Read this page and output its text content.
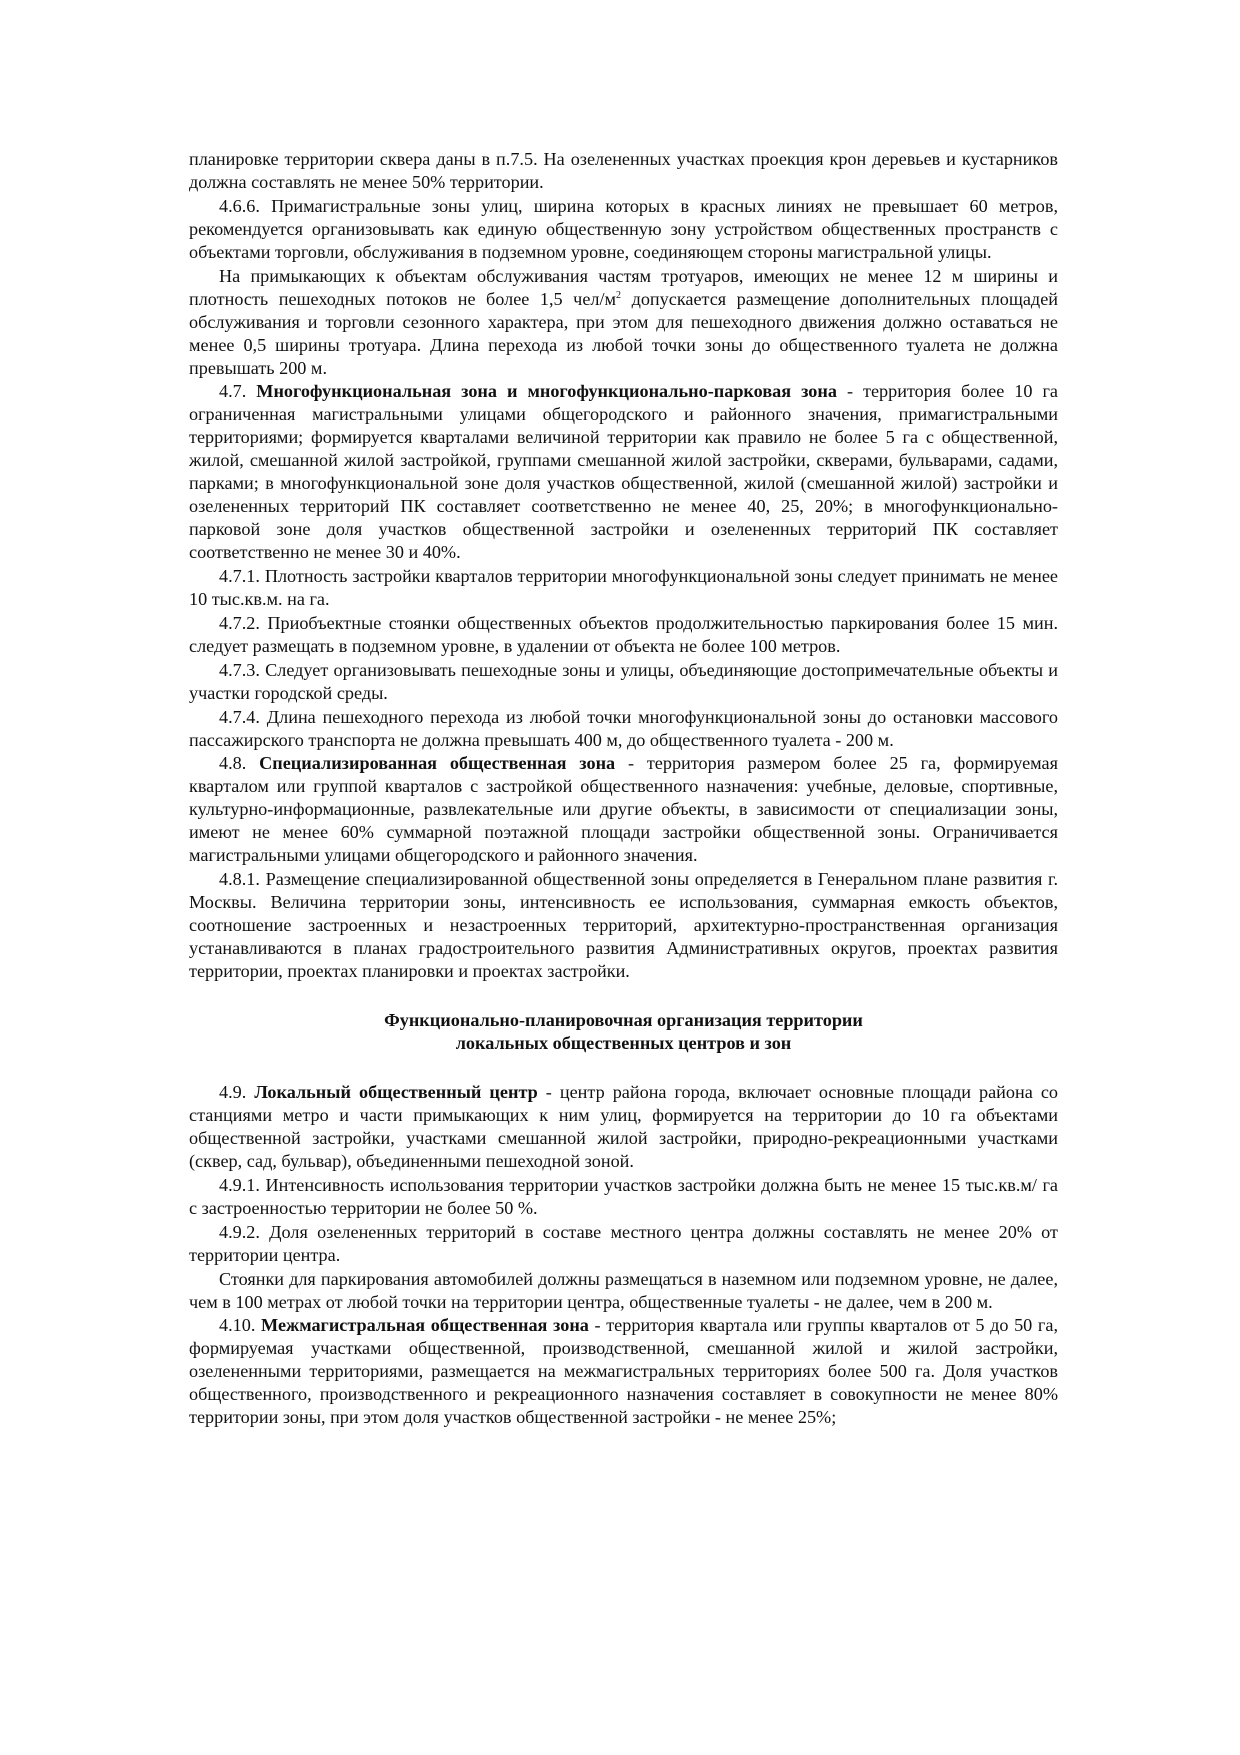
планировке территории сквера даны в п.7.5. На озелененных участках проекция крон деревьев и кустарников должна составлять не менее 50% территории.

4.6.6. Примагистральные зоны улиц, ширина которых в красных линиях не превышает 60 метров, рекомендуется организовывать как единую общественную зону устройством общественных пространств с объектами торговли, обслуживания в подземном уровне, соединяющем стороны магистральной улицы.

На примыкающих к объектам обслуживания частям тротуаров, имеющих не менее 12 м ширины и плотность пешеходных потоков не более 1,5 чел/$м^2$ допускается размещение дополнительных площадей обслуживания и торговли сезонного характера, при этом для пешеходного движения должно оставаться не менее 0,5 ширины тротуара. Длина перехода из любой точки зоны до общественного туалета не должна превышать 200 м.

4.7. Многофункциональная зона и многофункционально-парковая зона - территория более 10 га ограниченная магистральными улицами общегородского и районного значения, примагистральными территориями; формируется кварталами величиной территории как правило не более 5 га с общественной, жилой, смешанной жилой застройкой, группами смешанной жилой застройки, скверами, бульварами, садами, парками; в многофункциональной зоне доля участков общественной, жилой (смешанной жилой) застройки и озелененных территорий ПК составляет соответственно не менее 40, 25, 20%; в многофункционально-парковой зоне доля участков общественной застройки и озелененных территорий ПК составляет соответственно не менее 30 и 40%.

4.7.1. Плотность застройки кварталов территории многофункциональной зоны следует принимать не менее 10 тыс.кв.м. на га.

4.7.2. Приобъектные стоянки общественных объектов продолжительностью паркирования более 15 мин. следует размещать в подземном уровне, в удалении от объекта не более 100 метров.

4.7.3. Следует организовывать пешеходные зоны и улицы, объединяющие достопримечательные объекты и участки городской среды.

4.7.4. Длина пешеходного перехода из любой точки многофункциональной зоны до остановки массового пассажирского транспорта не должна превышать 400 м, до общественного туалета - 200 м.

4.8. Специализированная общественная зона - территория размером более 25 га, формируемая кварталом или группой кварталов с застройкой общественного назначения: учебные, деловые, спортивные, культурно-информационные, развлекательные или другие объекты, в зависимости от специализации зоны, имеют не менее 60% суммарной поэтажной площади застройки общественной зоны. Ограничивается магистральными улицами общегородского и районного значения.

4.8.1. Размещение специализированной общественной зоны определяется в Генеральном плане развития г. Москвы. Величина территории зоны, интенсивность ее использования, суммарная емкость объектов, соотношение застроенных и незастроенных территорий, архитектурно-пространственная организация устанавливаются в планах градостроительного развития Административных округов, проектах развития территории, проектах планировки и проектах застройки.

Функционально-планировочная организация территории
локальных общественных центров и зон

4.9. Локальный общественный центр - центр района города, включает основные площади района со станциями метро и части примыкающих к ним улиц, формируется на территории до 10 га объектами общественной застройки, участками смешанной жилой застройки, природно-рекреационными участками (сквер, сад, бульвар), объединенными пешеходной зоной.

4.9.1. Интенсивность использования территории участков застройки должна быть не менее 15 тыс.кв.м/ га с застроенностью территории не более 50 %.

4.9.2. Доля озелененных территорий в составе местного центра должны составлять не менее 20% от территории центра.

Стоянки для паркирования автомобилей должны размещаться в наземном или подземном уровне, не далее, чем в 100 метрах от любой точки на территории центра, общественные туалеты - не далее, чем в 200 м.

4.10. Межмагистральная общественная зона - территория квартала или группы кварталов от 5 до 50 га, формируемая участками общественной, производственной, смешанной жилой и жилой застройки, озелененными территориями, размещается на межмагистральных территориях более 500 га. Доля участков общественного, производственного и рекреационного назначения составляет в совокупности не менее 80% территории зоны, при этом доля участков общественной застройки - не менее 25%;
